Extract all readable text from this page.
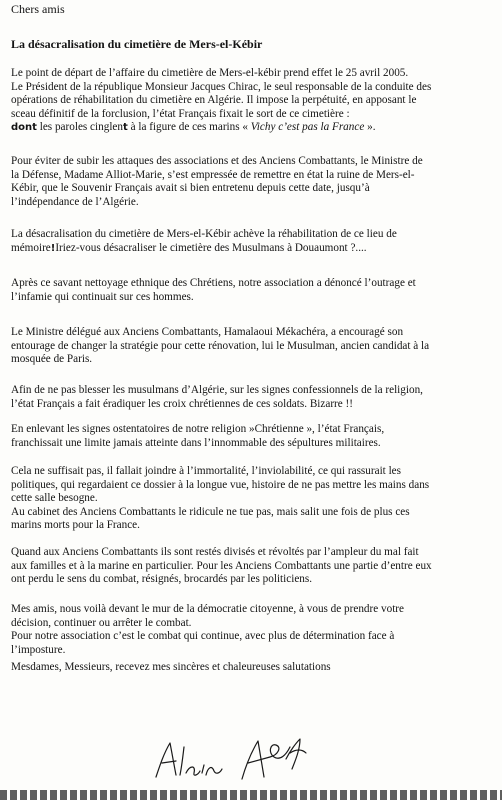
Chers amis
La désacralisation du cimetière de Mers-el-Kébir

Le point de départ de l’affaire du cimetière de Mers-el-kébir prend effet le 25 avril 2005.
Le Président de la république Monsieur Jacques Chirac, le seul responsable de la conduite des
opérations de réhabilitation du cimetière en Algérie. Il impose la perpétuité, en apposant le
sceau définitif de la forclusion, l’état Français fixait le sort de ce cimetière :
dont les paroles cinglent à la figure de ces marins « Vichy c’est pas la France ».

Pour éviter de subir les attaques des associations et des Anciens Combattants, le Ministre de
la Défense, Madame Alliot-Marie, s’est empressée de remettre en état la ruine de Mers-el-
Kébir, que le Souvenir Français avait si bien entretenu depuis cette date, jusqu’à
l’indépendance de l’Algérie.

La désacralisation du cimetière de Mers-el-Kébir achève la réhabilitation de ce lieu de
mémoire!Iriez-vous désacraliser le cimetière des Musulmans à Douaumont ?....

Après ce savant nettoyage ethnique des Chrétiens, notre association a dénoncé l’outrage et
l’infamie qui continuait sur ces hommes.

Le Ministre délégué aux Anciens Combattants, Hamalaoui Mékachéra, a encouragé son
entourage de changer la stratégie pour cette rénovation, lui le Musulman, ancien candidat à la
mosquée de Paris.

Afin de ne pas blesser les musulmans d’Algérie, sur les signes confessionnels de la religion,
l’état Français a fait éradiquer les croix chrétiennes de ces soldats. Bizarre !!

En enlevant les signes ostentatoires de notre religion »Chrétienne », l’état Français,
franchissait une limite jamais atteinte dans l’innommable des sépultures militaires.

Cela ne suffisait pas, il fallait joindre à l’immortalité, l’inviolabilité, ce qui rassurait les
politiques, qui regardaient ce dossier à la longue vue, histoire de ne pas mettre les mains dans
cette salle besogne.
Au cabinet des Anciens Combattants le ridicule ne tue pas, mais salit une fois de plus ces
marins morts pour la France.

Quand aux Anciens Combattants ils sont restés divisés et révoltés par l’ampleur du mal fait
aux familles et à la marine en particulier. Pour les Anciens Combattants une partie d’entre eux
ont perdu le sens du combat, résignés, brocardés par les politiciens.

Mes amis, nous voilà devant le mur de la démocratie citoyenne, à vous de prendre votre
décision, continuer ou arrêter le combat.
Pour notre association c’est le combat qui continue, avec plus de détermination face à
l’imposture.

Mesdames, Messieurs, recevez mes sincères et chaleureuses salutations
